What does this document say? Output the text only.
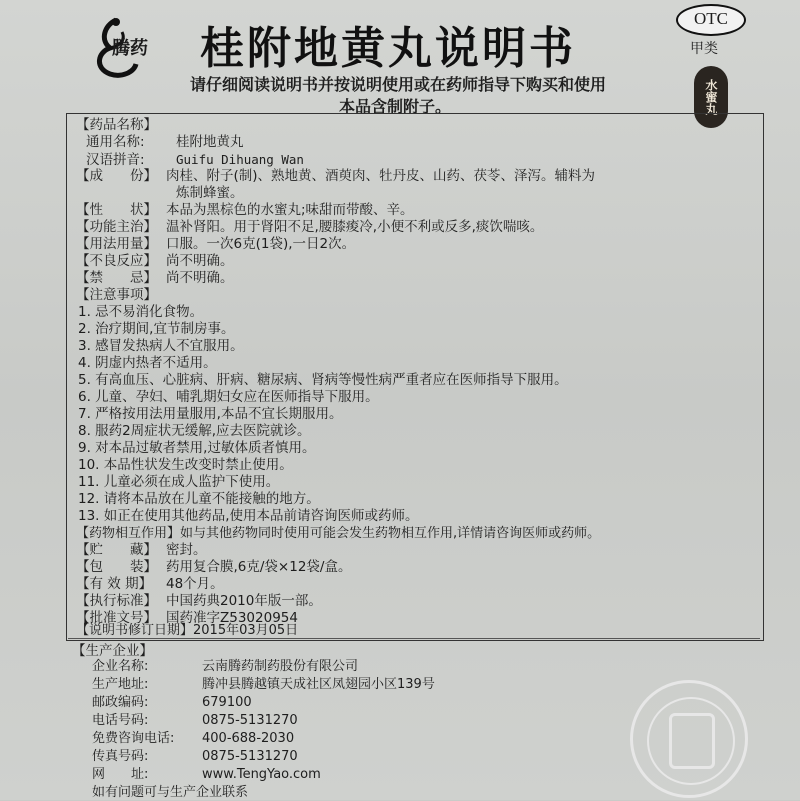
腾药 桂附地黄丸说明书
OTC
甲类
水蜜丸
请仔细阅读说明书并按说明使用或在药师指导下购买和使用
本品含制附子。
【药品名称】
通用名称: 桂附地黄丸
汉语拼音:	Guifu Dihuang Wan
【成　　份】 肉桂、附子(制)、熟地黄、酒萸肉、牡丹皮、山药、茯苓、泽泻。辅料为
炼制蜂蜜。
【性　　状】 本品为黑棕色的水蜜丸;味甜而带酸、辛。
【功能主治】 温补肾阳。用于肾阳不足,腰膝痠冷,小便不利或反多,痰饮喘咳。
【用法用量】 口服。一次6克(1袋),一日2次。
【不良反应】 尚不明确。
【禁　　忌】 尚不明确。
【注意事项】
1. 忌不易消化食物。
2. 治疗期间,宜节制房事。
3. 感冒发热病人不宜服用。
4. 阴虚内热者不适用。
5. 有高血压、心脏病、肝病、糖尿病、肾病等慢性病严重者应在医师指导下服用。
6. 儿童、孕妇、哺乳期妇女应在医师指导下服用。
7. 严格按用法用量服用,本品不宜长期服用。
8. 服药2周症状无缓解,应去医院就诊。
9. 对本品过敏者禁用,过敏体质者慎用。
10. 本品性状发生改变时禁止使用。
11. 儿童必须在成人监护下使用。
12. 请将本品放在儿童不能接触的地方。
13. 如正在使用其他药品,使用本品前请咨询医师或药师。
【药物相互作用】如与其他药物同时使用可能会发生药物相互作用,详情请咨询医师或药师。
【贮　　藏】 密封。
【包　　装】 药用复合膜,6克/袋×12袋/盒。
【有 效 期】 48个月。
【执行标准】 中国药典2010年版一部。
【批准文号】 国药准字Z53020954
【说明书修订日期】2015年03月05日
【生产企业】
企业名称:	云南腾药制药股份有限公司
生产地址:	腾冲县腾越镇天成社区凤翅园小区139号
邮政编码:	679100
电话号码:	0875-5131270
免费咨询电话: 400-688-2030
传真号码:	0875-5131270
网　　址:	www.TengYao.com
如有问题可与生产企业联系
